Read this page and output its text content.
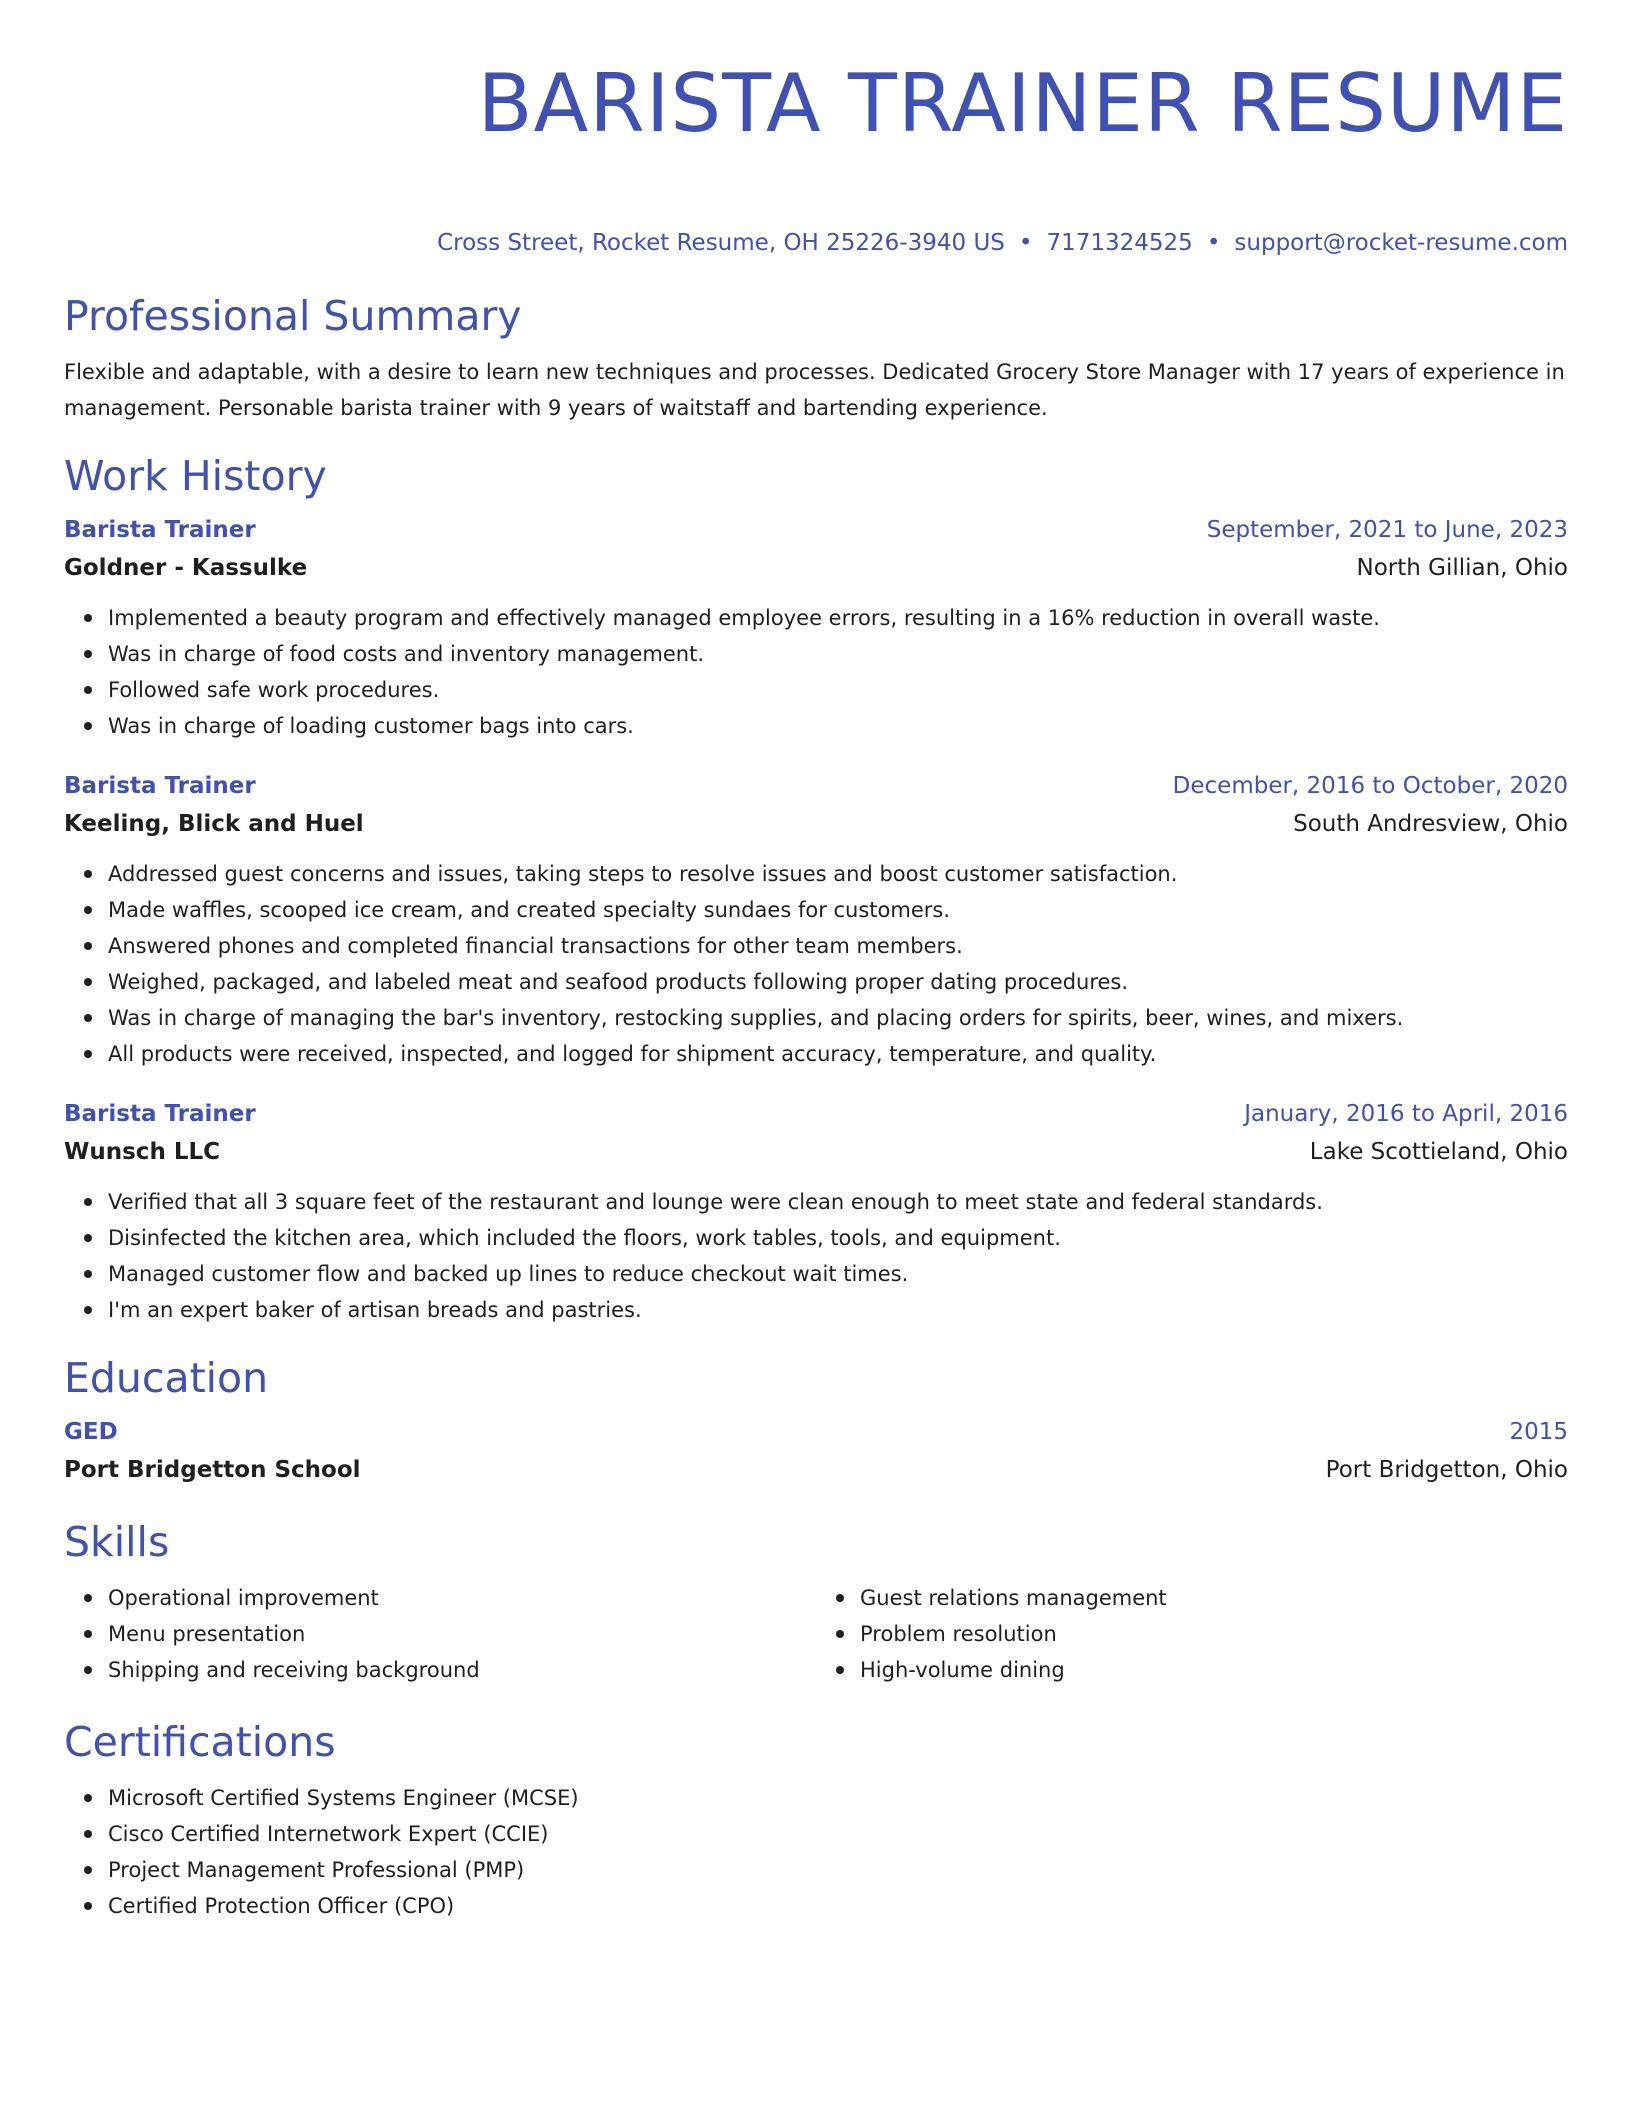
BARISTA TRAINER RESUME
Cross Street, Rocket Resume, OH 25226-3940 US • 7171324525 • support@rocket-resume.com
Professional Summary
Flexible and adaptable, with a desire to learn new techniques and processes. Dedicated Grocery Store Manager with 17 years of experience in management. Personable barista trainer with 9 years of waitstaff and bartending experience.
Work History
Barista Trainer	September, 2021 to June, 2023
Goldner - Kassulke	North Gillian, Ohio
Implemented a beauty program and effectively managed employee errors, resulting in a 16% reduction in overall waste.
Was in charge of food costs and inventory management.
Followed safe work procedures.
Was in charge of loading customer bags into cars.
Barista Trainer	December, 2016 to October, 2020
Keeling, Blick and Huel	South Andresview, Ohio
Addressed guest concerns and issues, taking steps to resolve issues and boost customer satisfaction.
Made waffles, scooped ice cream, and created specialty sundaes for customers.
Answered phones and completed financial transactions for other team members.
Weighed, packaged, and labeled meat and seafood products following proper dating procedures.
Was in charge of managing the bar's inventory, restocking supplies, and placing orders for spirits, beer, wines, and mixers.
All products were received, inspected, and logged for shipment accuracy, temperature, and quality.
Barista Trainer	January, 2016 to April, 2016
Wunsch LLC	Lake Scottieland, Ohio
Verified that all 3 square feet of the restaurant and lounge were clean enough to meet state and federal standards.
Disinfected the kitchen area, which included the floors, work tables, tools, and equipment.
Managed customer flow and backed up lines to reduce checkout wait times.
I'm an expert baker of artisan breads and pastries.
Education
GED	2015
Port Bridgetton School	Port Bridgetton, Ohio
Skills
Operational improvement
Menu presentation
Shipping and receiving background
Guest relations management
Problem resolution
High-volume dining
Certifications
Microsoft Certified Systems Engineer (MCSE)
Cisco Certified Internetwork Expert (CCIE)
Project Management Professional (PMP)
Certified Protection Officer (CPO)
